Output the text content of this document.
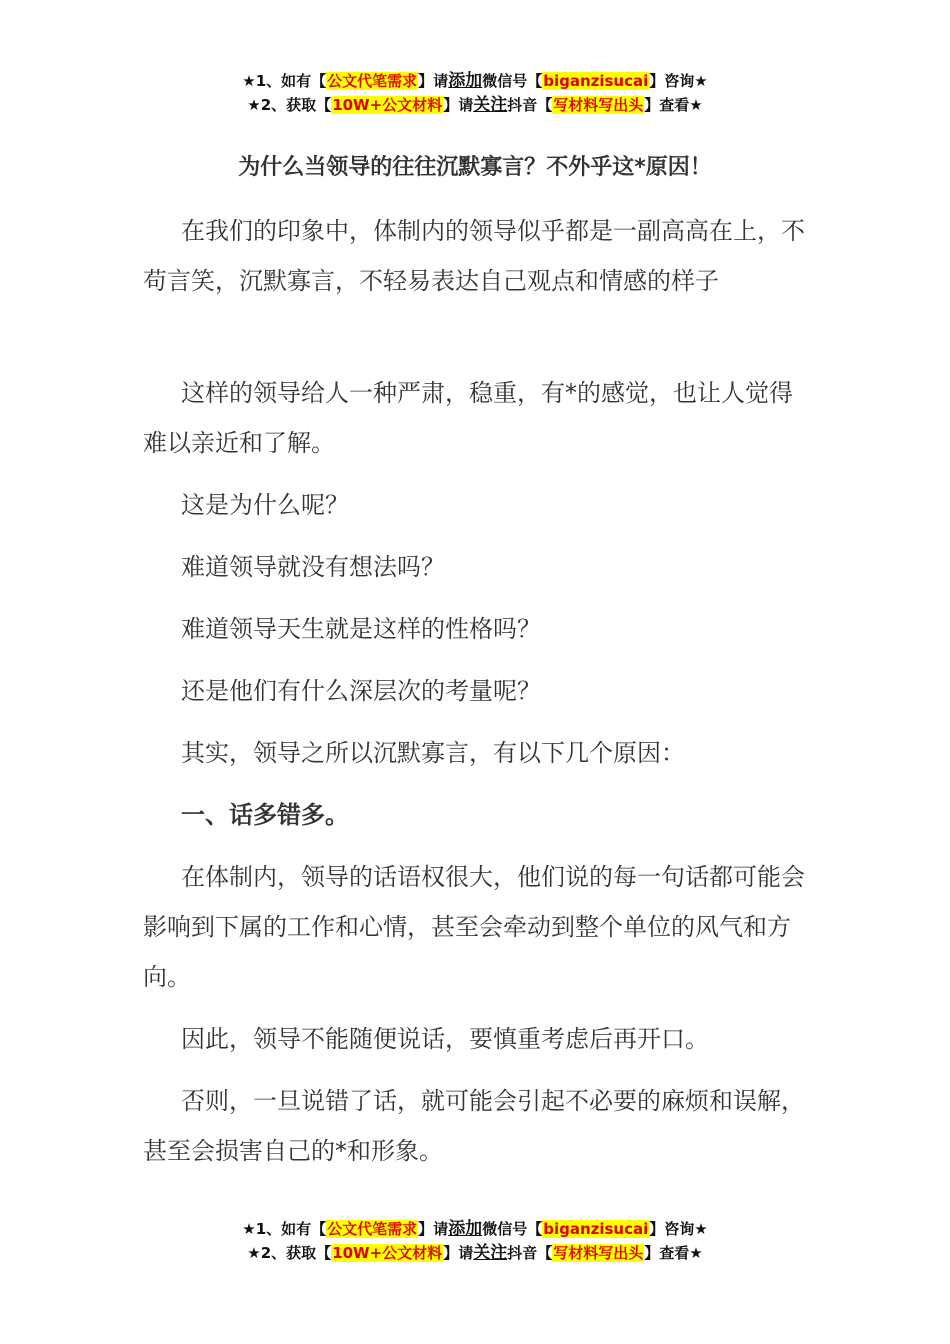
★1、如有【公文代笔需求】请添加微信号【biganzisucai】咨询★
★2、获取【10W+公文材料】请关注抖音【写材料写出头】查看★
为什么当领导的往往沉默寡言？不外乎这*原因！

在我们的印象中，体制内的领导似乎都是一副高高在上，不苟言笑，沉默寡言，不轻易表达自己观点和情感的样子

这样的领导给人一种严肃，稳重，有*的感觉，也让人觉得难以亲近和了解。

这是为什么呢？

难道领导就没有想法吗？

难道领导天生就是这样的性格吗？

还是他们有什么深层次的考量呢？

其实，领导之所以沉默寡言，有以下几个原因：

一、话多错多。

在体制内，领导的话语权很大，他们说的每一句话都可能会影响到下属的工作和心情，甚至会牵动到整个单位的风气和方向。

因此，领导不能随便说话，要慎重考虑后再开口。

否则，一旦说错了话，就可能会引起不必要的麻烦和误解，甚至会损害自己的*和形象。

★1、如有【公文代笔需求】请添加微信号【biganzisucai】咨询★
★2、获取【10W+公文材料】请关注抖音【写材料写出头】查看★
